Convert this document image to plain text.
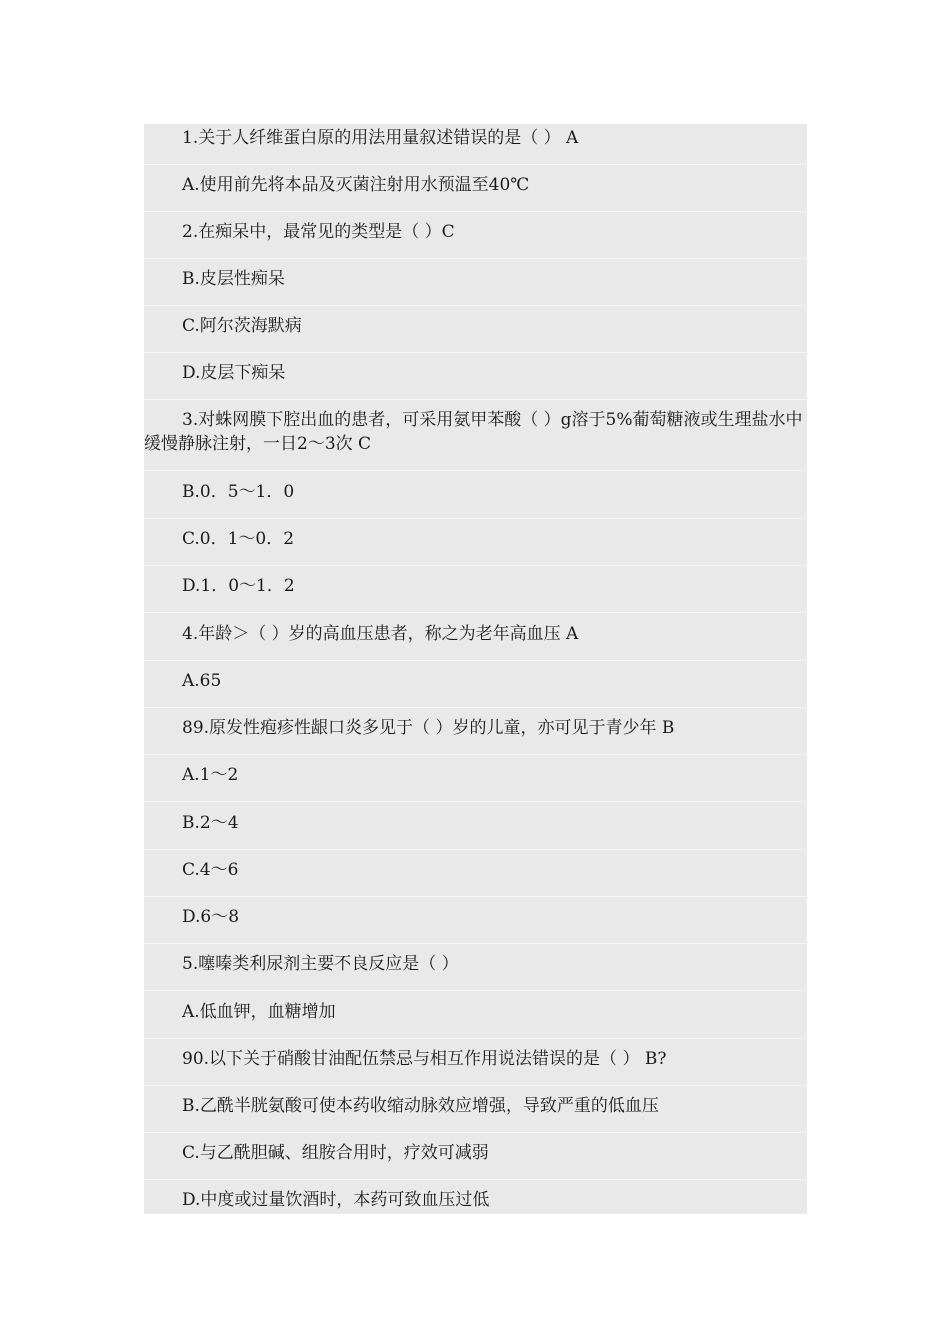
1.关于人纤维蛋白原的用法用量叙述错误的是（ ） A
A.使用前先将本品及灭菌注射用水预温至40℃
2.在痴呆中，最常见的类型是（ ）C
B.皮层性痴呆
C.阿尔茨海默病
D.皮层下痴呆
3.对蛛网膜下腔出血的患者，可采用氨甲苯酸（ ）g溶于5%葡萄糖液或生理盐水中缓慢静脉注射，一日2～3次 C
B.0．5～1．0
C.0．1～0．2
D.1．0～1．2
4.年龄＞（ ）岁的高血压患者，称之为老年高血压 A
A.65
89.原发性疱疹性龈口炎多见于（ ）岁的儿童，亦可见于青少年 B
A.1～2
B.2～4
C.4～6
D.6～8
5.噻嗪类利尿剂主要不良反应是（ ）
A.低血钾，血糖增加
90.以下关于硝酸甘油配伍禁忌与相互作用说法错误的是（ ） B?
B.乙酰半胱氨酸可使本药收缩动脉效应增强，导致严重的低血压
C.与乙酰胆碱、组胺合用时，疗效可减弱
D.中度或过量饮酒时，本药可致血压过低
